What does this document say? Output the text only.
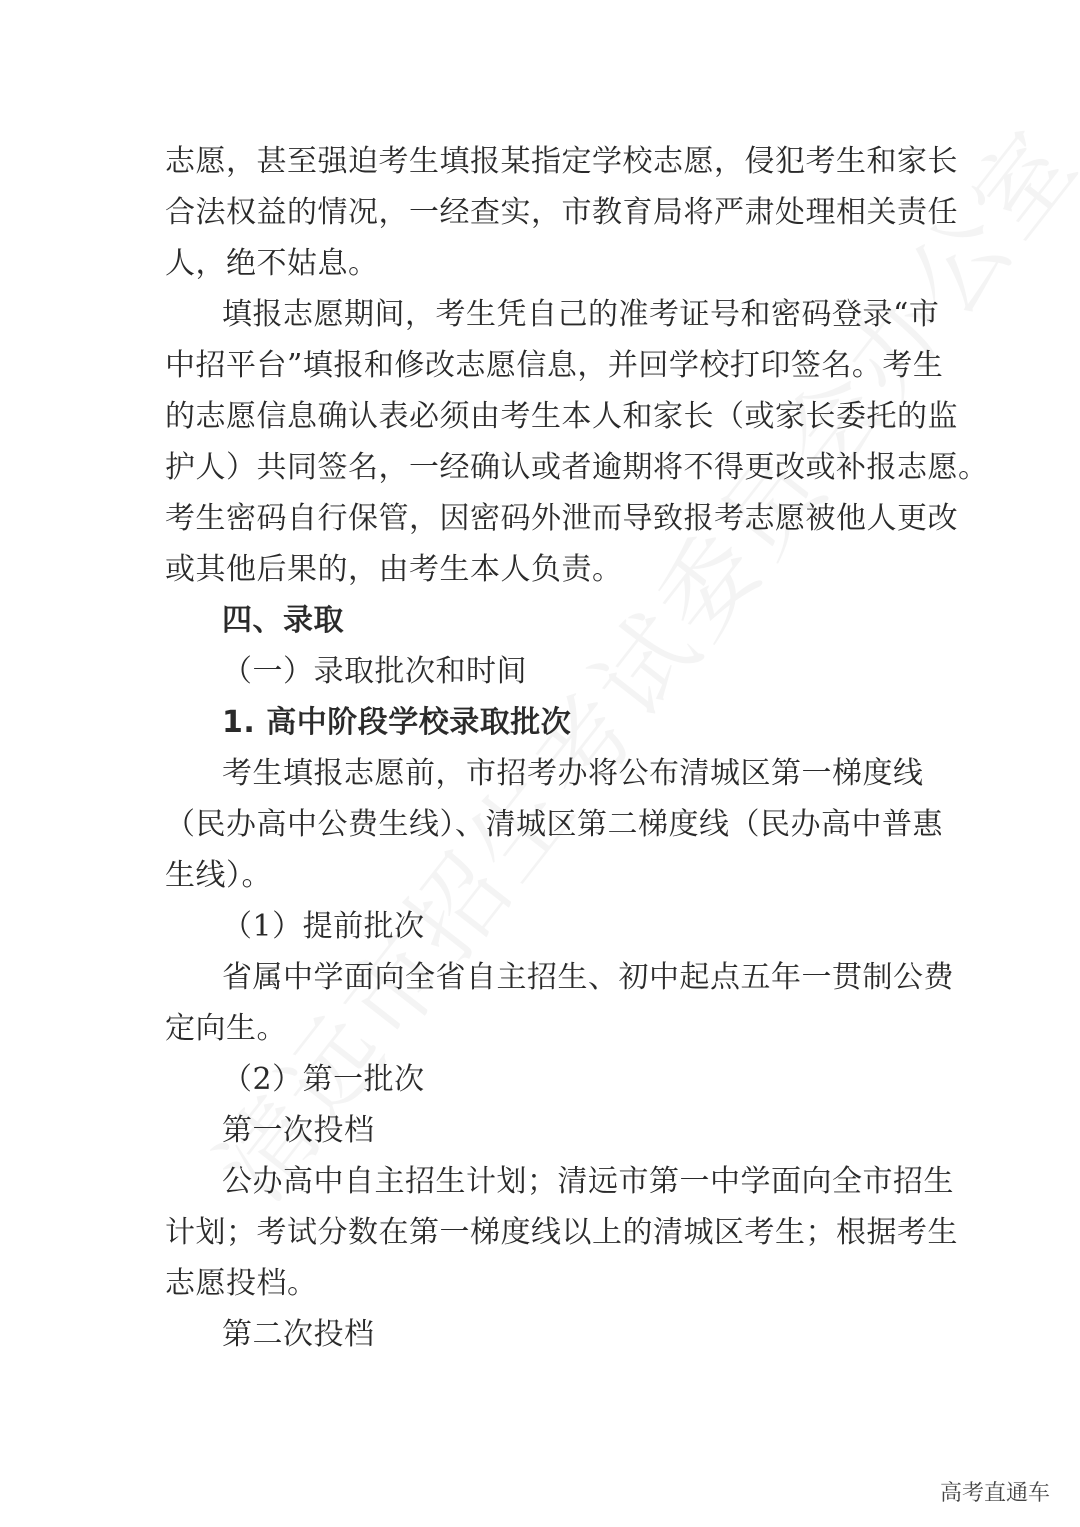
志愿，甚至强迫考生填报某指定学校志愿，侵犯考生和家长
合法权益的情况，一经查实，市教育局将严肃处理相关责任
人，绝不姑息。
填报志愿期间，考生凭自己的准考证号和密码登录“市
中招平台”填报和修改志愿信息，并回学校打印签名。考生
的志愿信息确认表必须由考生本人和家长（或家长委托的监
护人）共同签名，一经确认或者逾期将不得更改或补报志愿。
考生密码自行保管，因密码外泄而导致报考志愿被他人更改
或其他后果的，由考生本人负责。
四、录取
（一）录取批次和时间
1. 高中阶段学校录取批次
考生填报志愿前，市招考办将公布清城区第一梯度线
（民办高中公费生线）、清城区第二梯度线（民办高中普惠
生线）。
（1）提前批次
省属中学面向全省自主招生、初中起点五年一贯制公费
定向生。
（2）第一批次
第一次投档
公办高中自主招生计划；清远市第一中学面向全市招生
计划；考试分数在第一梯度线以上的清城区考生；根据考生
志愿投档。
第二次投档
高考直通车
